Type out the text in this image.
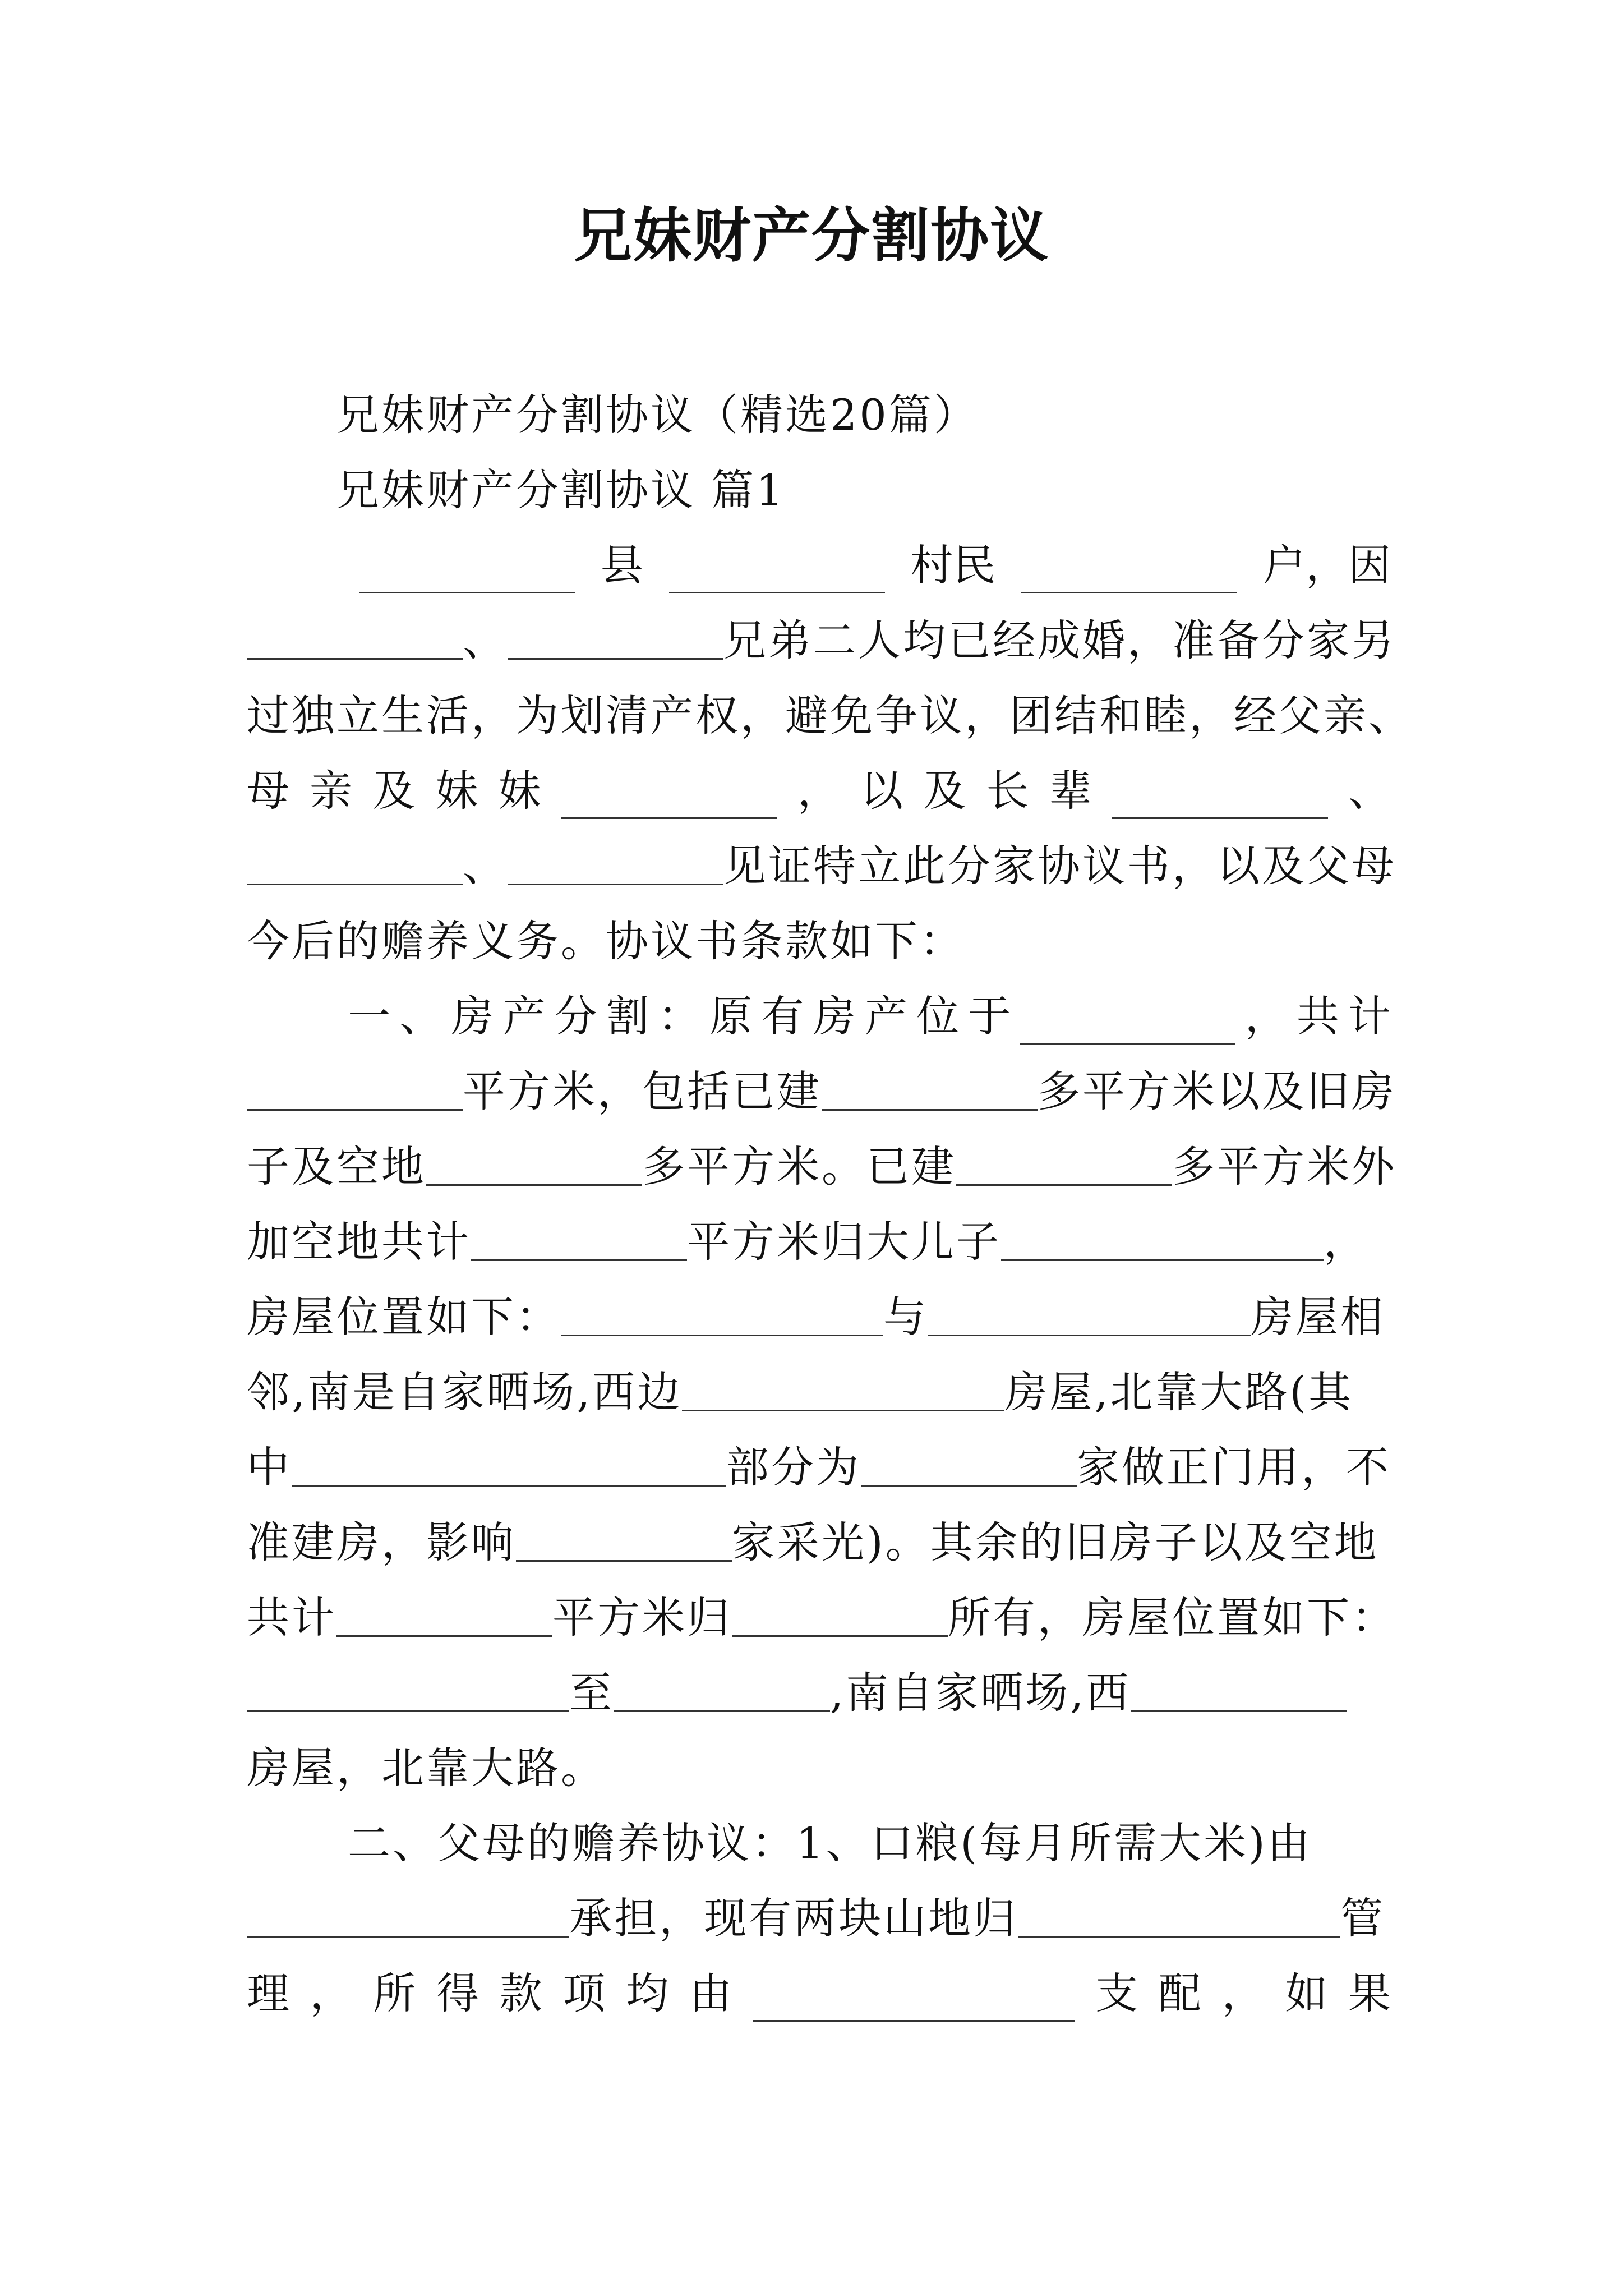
兄妹财产分割协议
兄妹财产分割协议（精选20篇）
兄妹财产分割协议 篇1
县	村民	户，因
、	兄弟二人均已经成婚，准备分家另
过独立生活，为划清产权，避免争议，团结和睦，经父亲、
母 亲 及 妹 妹	， 以 及 长 辈	、
、	见证特立此分家协议书，以及父母
今后的赡养义务。协议书条款如下：
一 、 房 产 分 割 ： 原 有 房 产 位 于	， 共 计
平方米，包括已建	多平方米以及旧房
子及空地	多平方米。已建	多平方米外
加空地共计	平方米归大儿子	，
房屋位置如下：	与	房屋相
邻,南是自家晒场,西边	房屋,北靠大路(其
中	部分为	家做正门用，不
准建房，影响	家采光)。其余的旧房子以及空地
共计	平方米归	所有，房屋位置如下：
至	,南自家晒场,西
房屋，北靠大路。
二、父母的赡养协议：1、口粮(每月所需大米)由
承担，现有两块山地归	管
理 ， 所 得 款 项 均 由	支 配 ， 如 果
